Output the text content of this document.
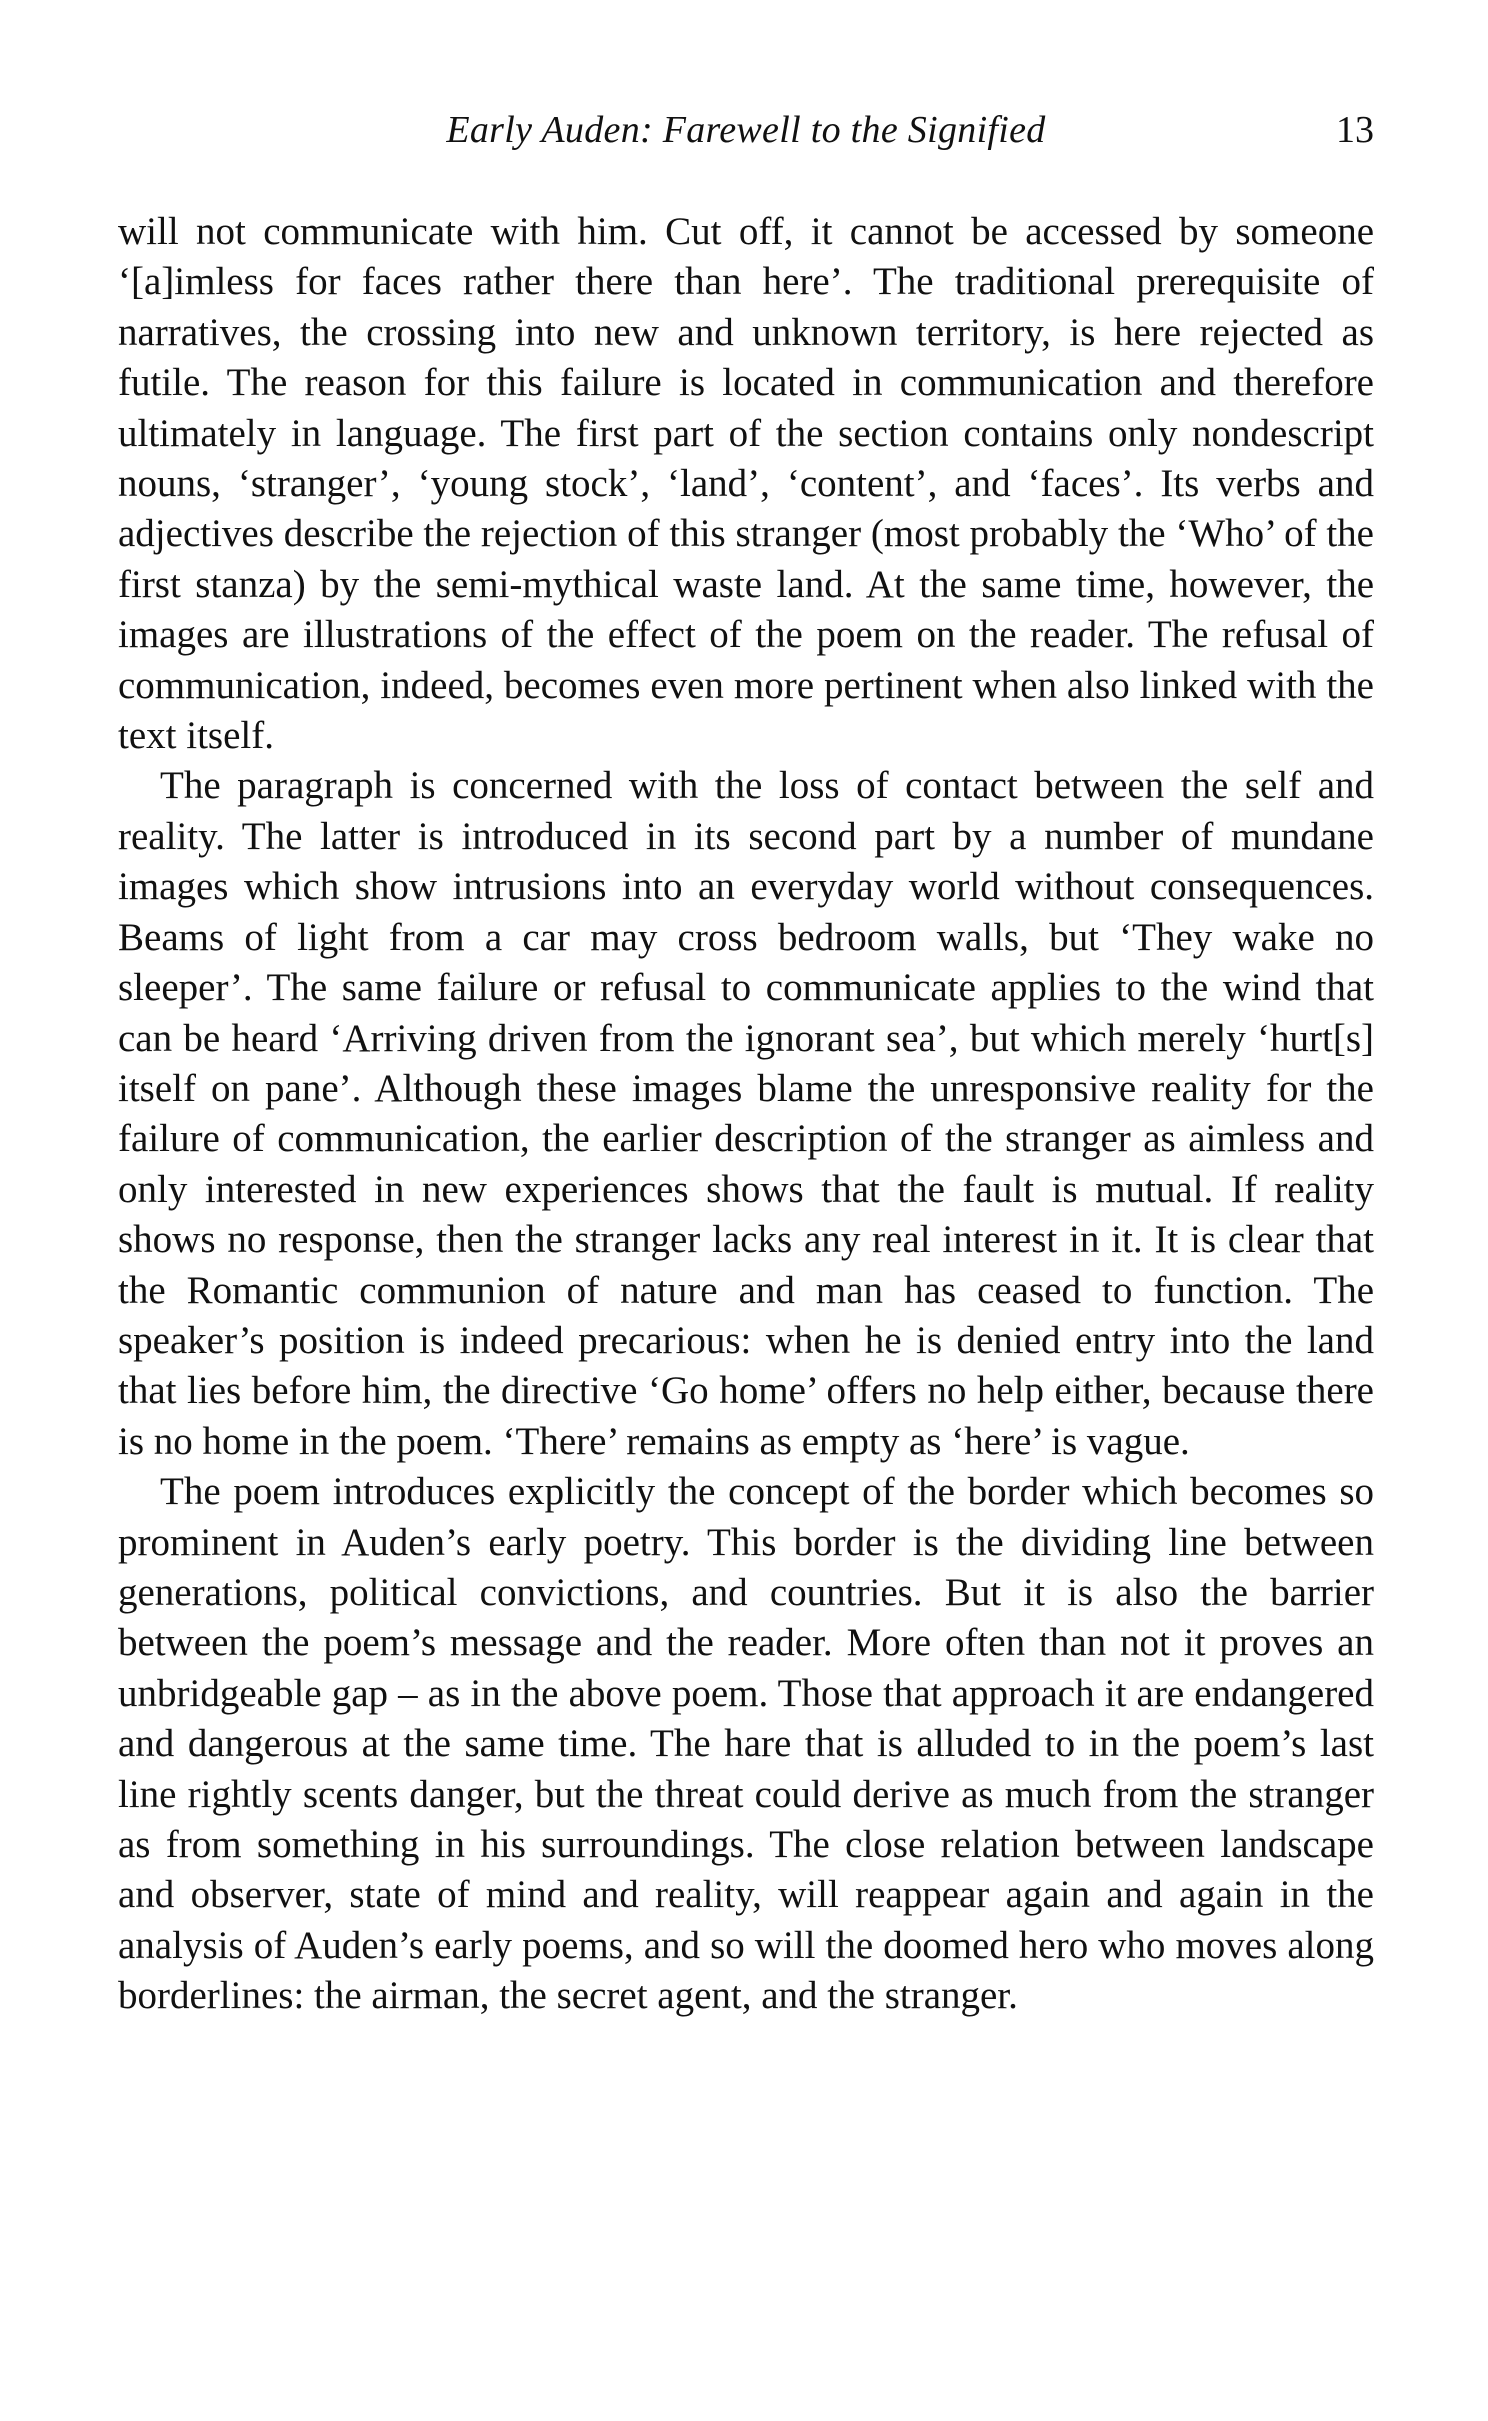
Early Auden: Farewell to the Signified	13

will not communicate with him. Cut off, it cannot be accessed by someone ‘[a]imless for faces rather there than here’. The traditional prerequisite of narratives, the crossing into new and unknown territory, is here rejected as futile. The reason for this failure is located in communication and therefore ultimately in language. The first part of the section contains only nondescript nouns, ‘stranger’, ‘young stock’, ‘land’, ‘content’, and ‘faces’. Its verbs and adjectives describe the rejection of this stranger (most probably the ‘Who’ of the first stanza) by the semi-mythical waste land. At the same time, however, the images are illustrations of the effect of the poem on the reader. The refusal of communication, indeed, becomes even more pertinent when also linked with the text itself.

The paragraph is concerned with the loss of contact between the self and reality. The latter is introduced in its second part by a number of mundane images which show intrusions into an everyday world without consequences. Beams of light from a car may cross bedroom walls, but ‘They wake no sleeper’. The same failure or refusal to communicate applies to the wind that can be heard ‘Arriving driven from the ignorant sea’, but which merely ‘hurt[s] itself on pane’. Although these images blame the unresponsive reality for the failure of communication, the earlier description of the stranger as aimless and only interested in new experiences shows that the fault is mutual. If reality shows no response, then the stranger lacks any real interest in it. It is clear that the Romantic communion of nature and man has ceased to function. The speaker’s position is indeed precarious: when he is denied entry into the land that lies before him, the directive ‘Go home’ offers no help either, because there is no home in the poem. ‘There’ remains as empty as ‘here’ is vague.

The poem introduces explicitly the concept of the border which becomes so prominent in Auden’s early poetry. This border is the dividing line between generations, political convictions, and countries. But it is also the barrier between the poem’s message and the reader. More often than not it proves an unbridgeable gap – as in the above poem. Those that approach it are endangered and dangerous at the same time. The hare that is alluded to in the poem’s last line rightly scents danger, but the threat could derive as much from the stranger as from something in his surroundings. The close relation between landscape and observer, state of mind and reality, will reappear again and again in the analysis of Auden’s early poems, and so will the doomed hero who moves along borderlines: the airman, the secret agent, and the stranger.
